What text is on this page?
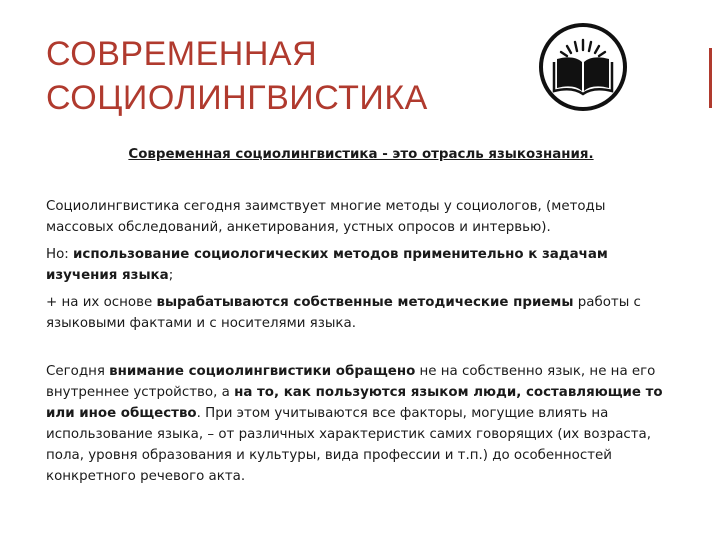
СОВРЕМЕННАЯ
СОЦИОЛИНГВИСТИКА

Современная социолингвистика - это отрасль языкознания.

Социолингвистика сегодня заимствует многие методы у социологов, (методы массовых обследований, анкетирования, устных опросов и интервью).

Но: использование социологических методов применительно к задачам изучения языка;

+ на их основе вырабатываются собственные методические приемы работы с языковыми фактами и с носителями языка.

Сегодня внимание социолингвистики обращено не на собственно язык, не на его внутреннее устройство, а на то, как пользуются языком люди, составляющие то или иное общество. При этом учитываются все факторы, могущие влиять на использование языка, – от различных характеристик самих говорящих (их возраста, пола, уровня образования и культуры, вида профессии и т.п.) до особенностей конкретного речевого акта.
